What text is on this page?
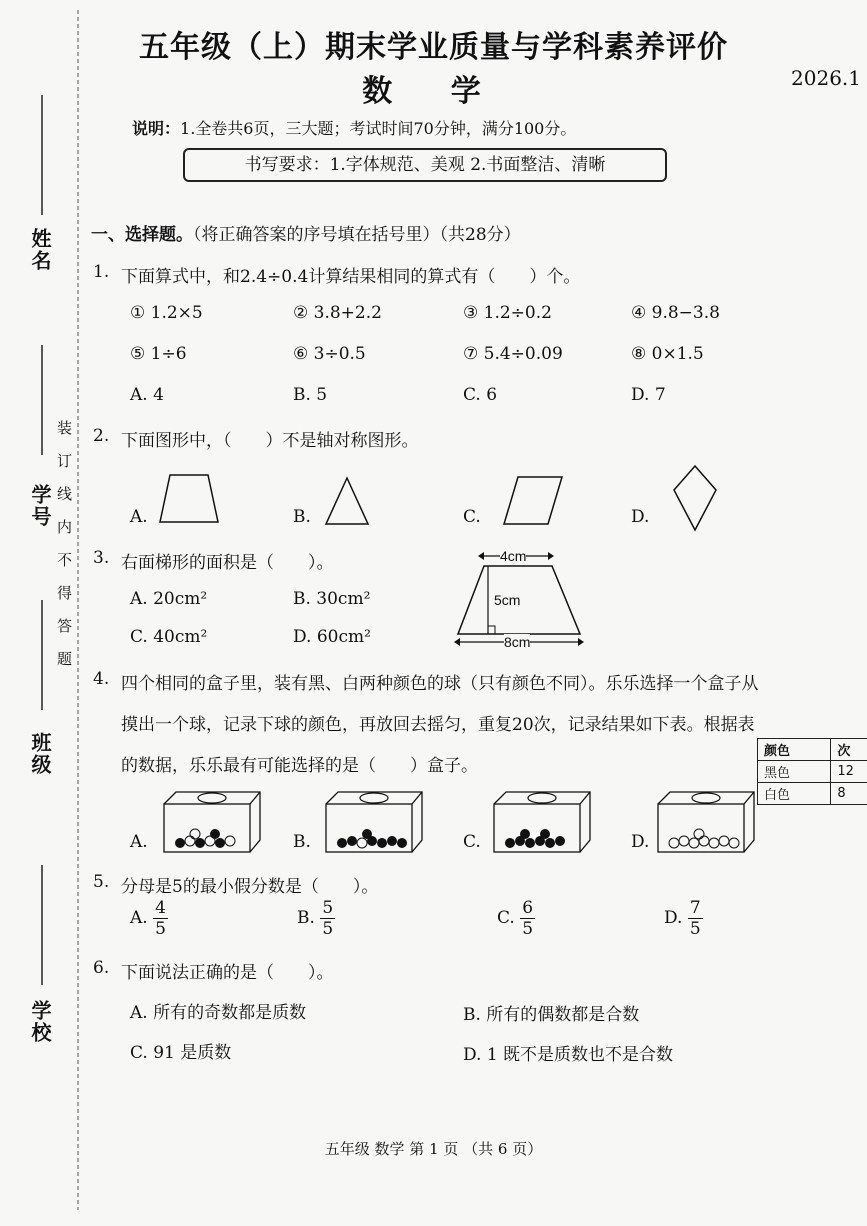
五年级（上）期末学业质量与学科素养评价
数 学	2026.1
说明：1.全卷共6页，三大题；考试时间70分钟，满分100分。
书写要求：1.字体规范、美观 2.书面整洁、清晰
姓名
学号
班级
学校
装订线内不得答题
一、选择题。（将正确答案的序号填在括号里）（共28分）
1. 下面算式中，和2.4÷0.4计算结果相同的算式有（　　）个。
① 1.2×5	② 3.8+2.2	③ 1.2÷0.2	④ 9.8−3.8
⑤ 1÷6	⑥ 3÷0.5	⑦ 5.4÷0.09	⑧ 0×1.5
A. 4	B. 5	C. 6	D. 7
2. 下面图形中，（　　）不是轴对称图形。
A.	B.	C.	D.
3. 右面梯形的面积是（　　）。
A. 20cm²	B. 30cm²
C. 40cm²	D. 60cm²
4cm
5cm
8cm
4. 四个相同的盒子里，装有黑、白两种颜色的球（只有颜色不同）。乐乐选择一个盒子从
摸出一个球，记录下球的颜色，再放回去摇匀，重复20次，记录结果如下表。根据表
的数据，乐乐最有可能选择的是（　　）盒子。
颜色	次
黑色	12
白色	8
A.	B.	C.	D.
5. 分母是5的最小假分数是（　　）。
A. $\frac{4}{5}$	B. $\frac{5}{5}$	C. $\frac{6}{5}$	D. $\frac{7}{5}$
6. 下面说法正确的是（　　）。
A. 所有的奇数都是质数	B. 所有的偶数都是合数
C. 91 是质数	D. 1 既不是质数也不是合数
五年级 数学 第 1 页 （共 6 页）
